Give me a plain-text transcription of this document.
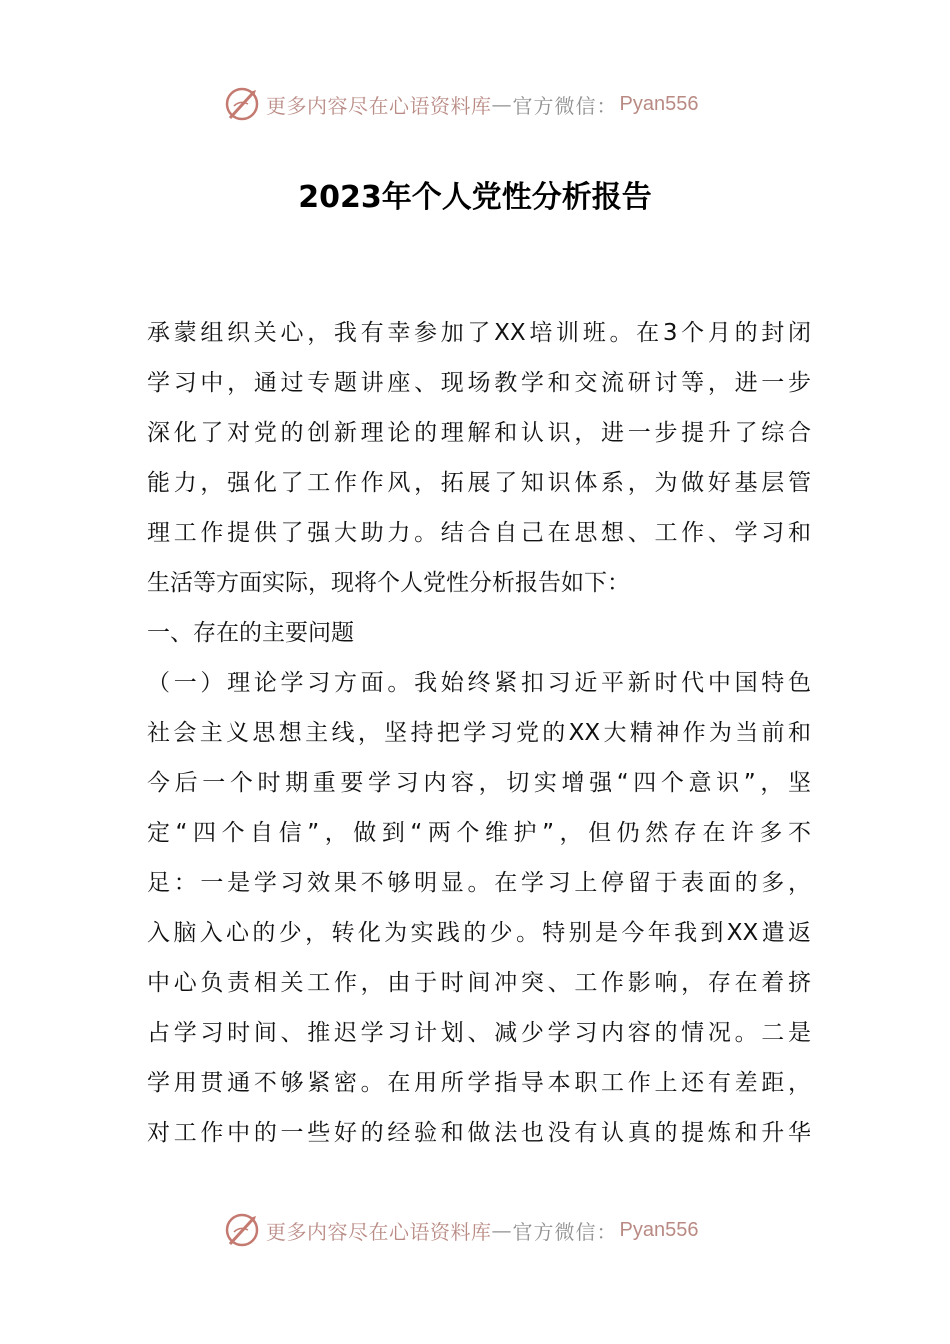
更多内容尽在心语资料库 — 官方微信： Pyan556
2023年个人党性分析报告
承蒙组织关心，我有幸参加了XX培训班。在3个月的封闭
学习中，通过专题讲座、现场教学和交流研讨等，进一步
深化了对党的创新理论的理解和认识，进一步提升了综合
能力，强化了工作作风，拓展了知识体系，为做好基层管
理工作提供了强大助力。结合自己在思想、工作、学习和
生活等方面实际，现将个人党性分析报告如下：
一、存在的主要问题
（一）理论学习方面。我始终紧扣习近平新时代中国特色
社会主义思想主线，坚持把学习党的XX大精神作为当前和
今后一个时期重要学习内容，切实增强“四个意识”，坚
定“四个自信”，做到“两个维护”，但仍然存在许多不
足：一是学习效果不够明显。在学习上停留于表面的多，
入脑入心的少，转化为实践的少。特别是今年我到XX遣返
中心负责相关工作，由于时间冲突、工作影响，存在着挤
占学习时间、推迟学习计划、减少学习内容的情况。二是
学用贯通不够紧密。在用所学指导本职工作上还有差距，
对工作中的一些好的经验和做法也没有认真的提炼和升华
更多内容尽在心语资料库 — 官方微信： Pyan556
